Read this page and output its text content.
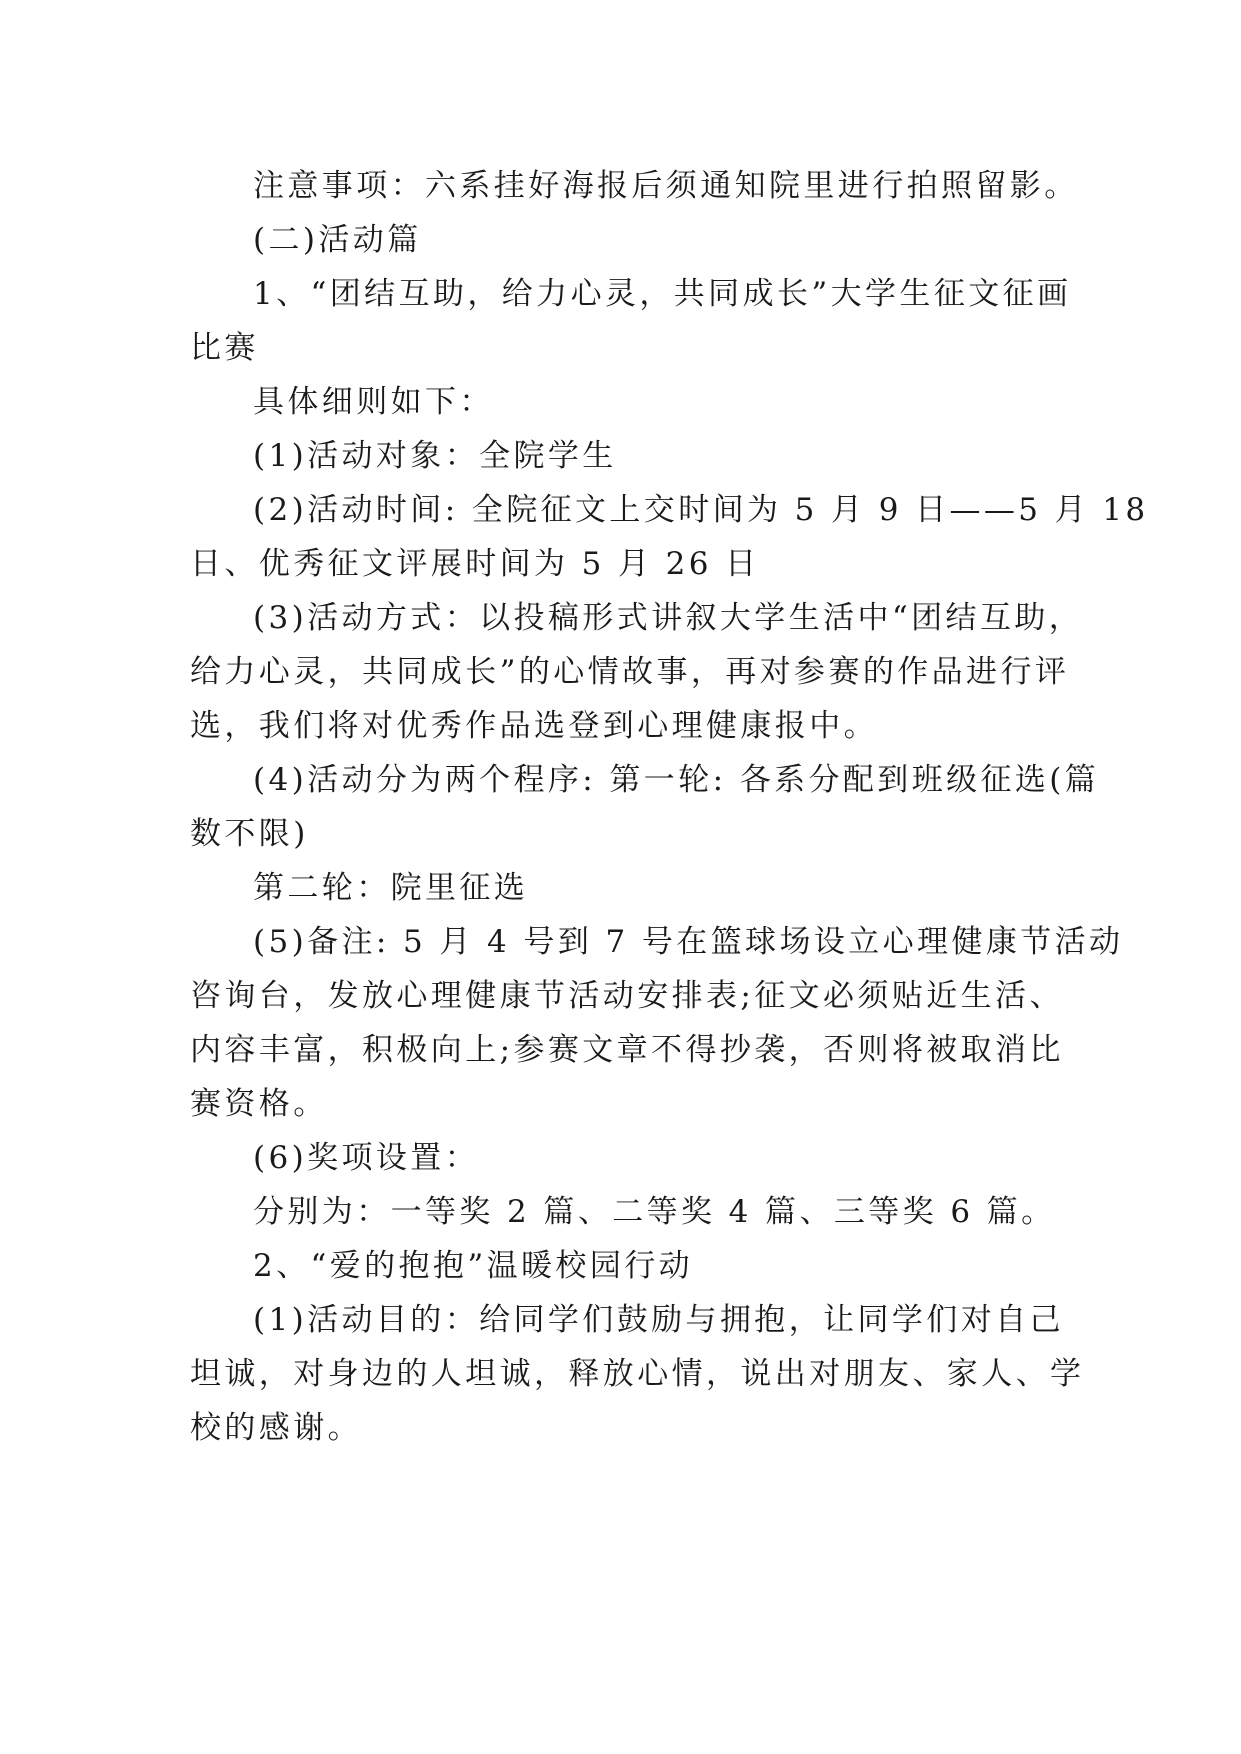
注意事项：六系挂好海报后须通知院里进行拍照留影。
(二)活动篇
1、“团结互助，给力心灵，共同成长”大学生征文征画
比赛
具体细则如下：
(1)活动对象：全院学生
(2)活动时间: 全院征文上交时间为 5 月 9 日——5 月 18
日、优秀征文评展时间为 5 月 26 日
(3)活动方式：以投稿形式讲叙大学生活中“团结互助，
给力心灵，共同成长”的心情故事，再对参赛的作品进行评
选，我们将对优秀作品选登到心理健康报中。
(4)活动分为两个程序: 第一轮: 各系分配到班级征选(篇
数不限)
第二轮：院里征选
(5)备注: 5 月 4 号到 7 号在篮球场设立心理健康节活动
咨询台，发放心理健康节活动安排表;征文必须贴近生活、
内容丰富，积极向上;参赛文章不得抄袭，否则将被取消比
赛资格。
(6)奖项设置：
分别为：一等奖 2 篇、二等奖 4 篇、三等奖 6 篇。
2、“爱的抱抱”温暖校园行动
(1)活动目的：给同学们鼓励与拥抱，让同学们对自己
坦诚，对身边的人坦诚，释放心情，说出对朋友、家人、学
校的感谢。
